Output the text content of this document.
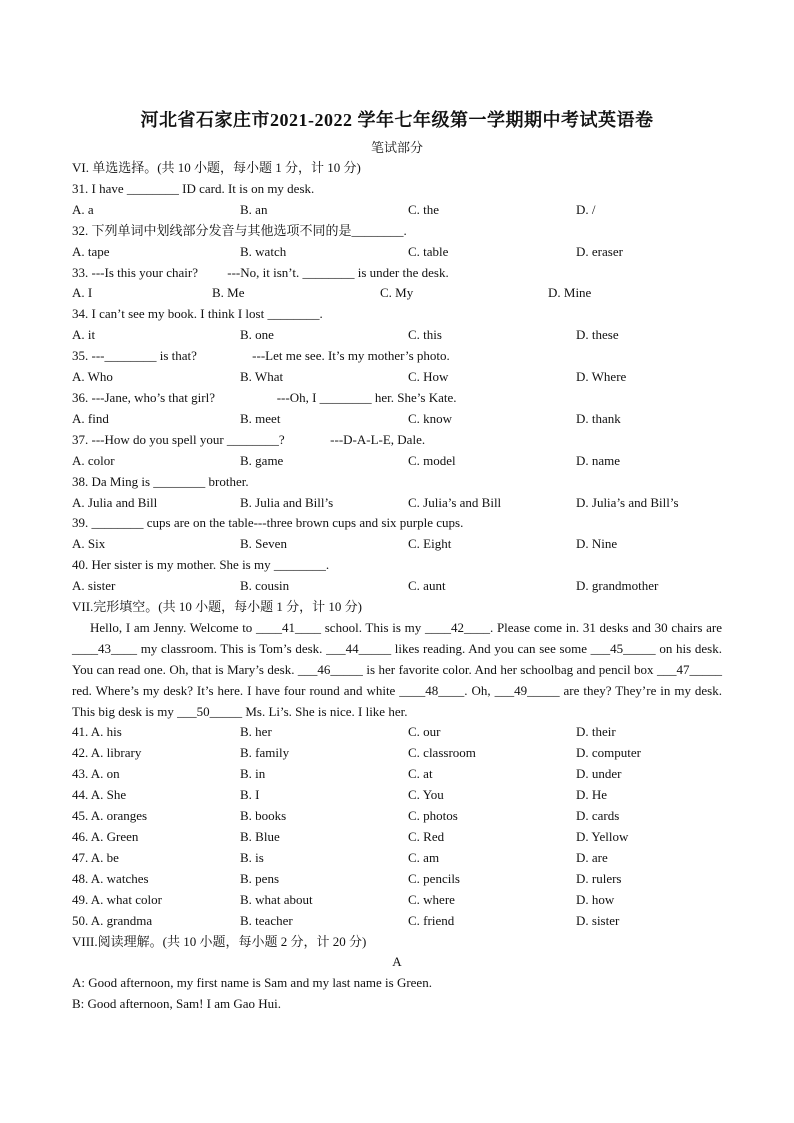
河北省石家庄市2021-2022 学年七年级第一学期期中考试英语卷
笔试部分
VI. 单选选择。(共 10 小题，每小题 1 分，计 10 分)
31. I have ________ ID card. It is on my desk.
A. a	B. an	C. the	D. /
32. 下列单词中划线部分发音与其他选项不同的是________.
A. tape	B. watch	C. table	D. eraser
33. ---Is this your chair?         ---No, it isn’t. ________ is under the desk.
A. I	B. Me	C. My	D. Mine
34. I can’t see my book. I think I lost ________.
A. it	B. one	C. this	D. these
35. ---________ is that?                 ---Let me see. It’s my mother’s photo.
A. Who	B. What	C. How	D. Where
36. ---Jane, who’s that girl?                   ---Oh, I ________ her. She’s Kate.
A. find	B. meet	C. know	D. thank
37. ---How do you spell your ________?              ---D-A-L-E, Dale.
A. color	B. game	C. model	D. name
38. Da Ming is ________ brother.
A. Julia and Bill	B. Julia and Bill’s	C. Julia’s and Bill	D. Julia’s and Bill’s
39. ________ cups are on the table---three brown cups and six purple cups.
A. Six	B. Seven	C. Eight	D. Nine
40. Her sister is my mother. She is my ________.
A. sister	B. cousin	C. aunt	D. grandmother
VII.完形填空。(共 10 小题，每小题 1 分，计 10 分)
Hello, I am Jenny. Welcome to ____41____ school. This is my ____42____. Please come in. 31 desks and 30 chairs are ____43____ my classroom. This is Tom’s desk. ___44_____ likes reading. And you can see some ___45_____ on his desk. You can read one. Oh, that is Mary’s desk. ___46_____ is her favorite color. And her schoolbag and pencil box ___47_____ red. Where’s my desk? It’s here. I have four round and white ____48____. Oh, ___49_____ are they? They’re in my desk. This big desk is my ___50_____ Ms. Li’s. She is nice. I like her.
41. A. his	B. her	C. our	D. their
42. A. library	B. family	C. classroom	D. computer
43. A. on	B. in	C. at	D. under
44. A. She	B. I	C. You	D. He
45. A. oranges	B. books	C. photos	D. cards
46. A. Green	B. Blue	C. Red	D. Yellow
47. A. be	B. is	C. am	D. are
48. A. watches	B. pens	C. pencils	D. rulers
49. A. what color	B. what about	C. where	D. how
50. A. grandma	B. teacher	C. friend	D. sister
VIII.阅读理解。(共 10 小题，每小题 2 分，计 20 分)
A
A: Good afternoon, my first name is Sam and my last name is Green.
B: Good afternoon, Sam! I am Gao Hui.
